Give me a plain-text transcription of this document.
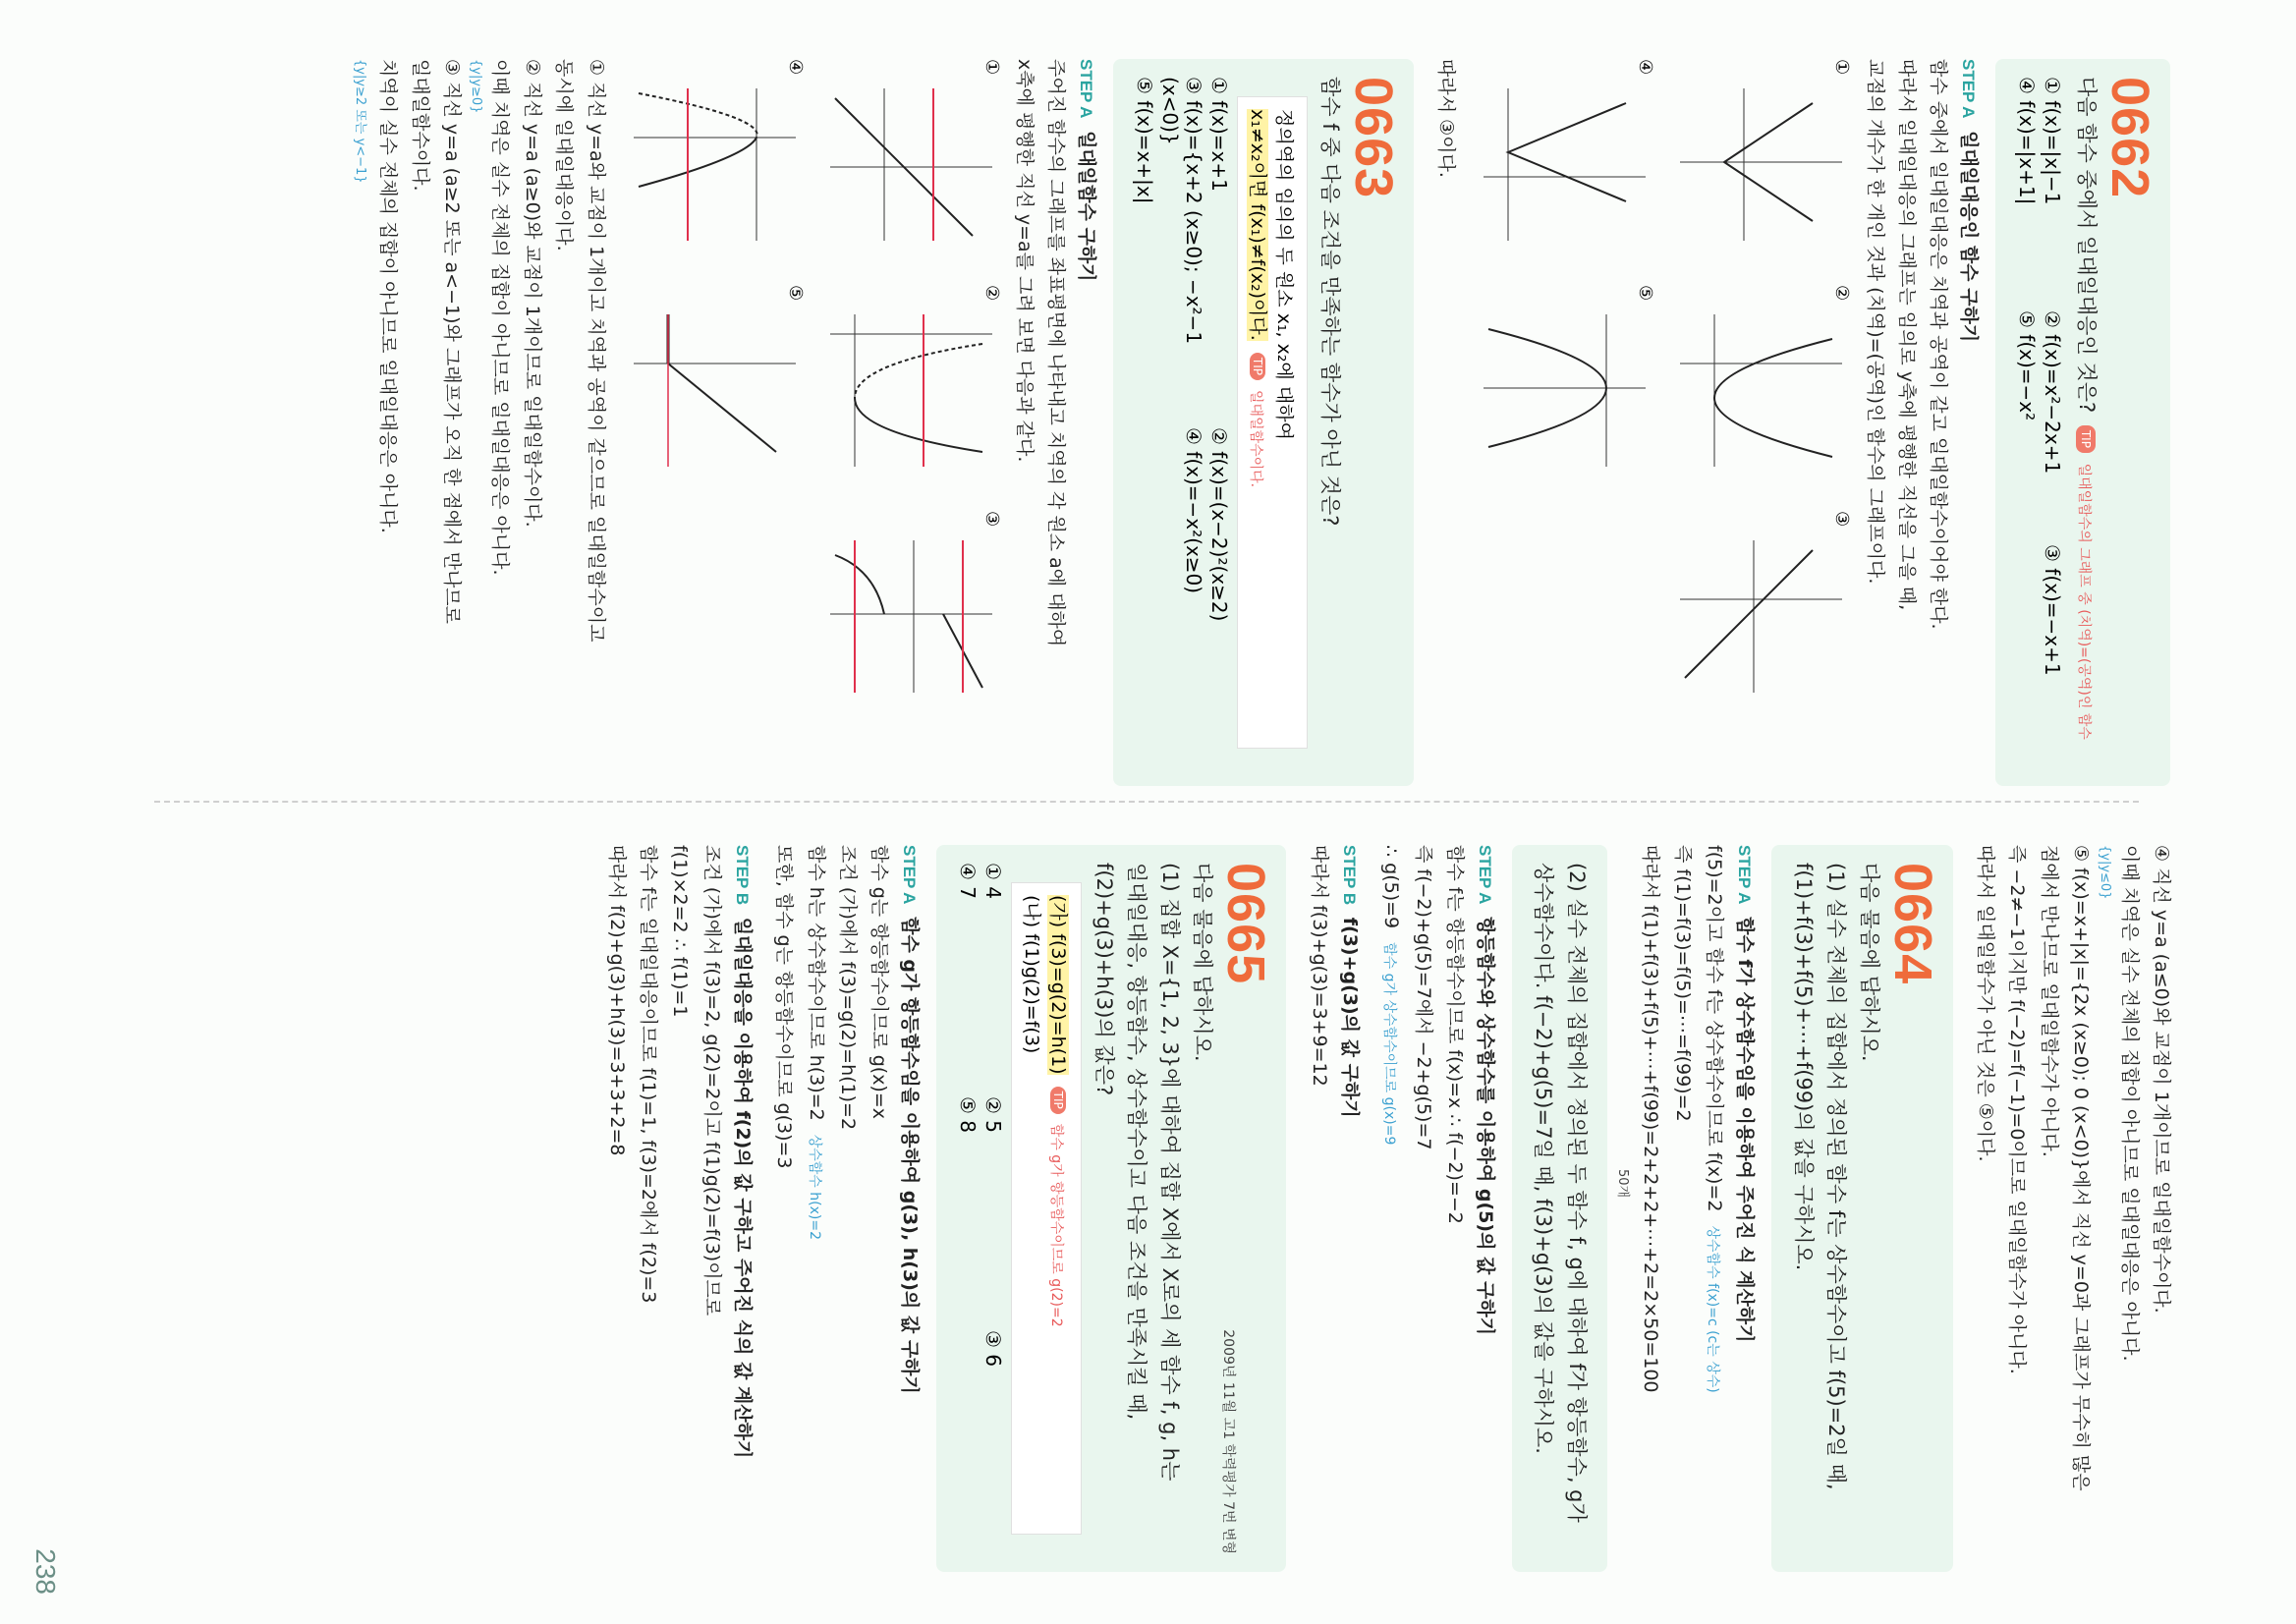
0662
다음 함수 중에서 일대일대응인 것은? TIP 일대일함수의 그래프 중 (치역)=(공역)인 함수
① f(x)=|x|−1
② f(x)=x²−2x+1
③ f(x)=−x+1
④ f(x)=|x+1|
⑤ f(x)=−x²
STEP A 일대일대응인 함수 구하기
함수 중에서 일대일대응은 치역과 공역이 같고 일대일함수이어야 한다.
따라서 일대일대응의 그래프는 임의로 y축에 평행한 직선을 그을 때,
교점의 개수가 한 개인 것과 (치역)=(공역)인 함수의 그래프이다.
①
②
③
④
⑤
따라서 ③이다.
0663
함수 f 중 다음 조건을 만족하는 함수가 아닌 것은?
정의역의 임의의 두 원소 x₁, x₂에 대하여
x₁≠x₂이면 f(x₁)≠f(x₂)이다. TIP 일대일함수이다.
① f(x)=x+1
② f(x)=(x−2)²(x≥2)
③ f(x)={x+2 (x≥0); −x²−1 (x<0)}
④ f(x)=−x²(x≥0)
⑤ f(x)=x+|x|
STEP A 일대일함수 구하기
주어진 함수의 그래프를 좌표평면에 나타내고 치역의 각 원소 a에 대하여
x축에 평행한 직선 y=a를 그려 보면 다음과 같다.
①
②
③
④
⑤
① 직선 y=a와 교점이 1개이고 치역과 공역이 같으므로 일대일함수이고
동시에 일대일대응이다.
② 직선 y=a (a≥0)와 교점이 1개이므로 일대일함수이다.
이때 치역은 실수 전체의 집합이 아니므로 일대일대응은 아니다.
{y|y≥0}
③ 직선 y=a (a≥2 또는 a<−1)와 그래프가 오직 한 점에서 만나므로
일대일함수이다.
치역이 실수 전체의 집합이 아니므로 일대일대응은 아니다.
{y|y≥2 또는 y<−1}
④ 직선 y=a (a≤0)와 교점이 1개이므로 일대일함수이다.
이때 치역은 실수 전체의 집합이 아니므로 일대일대응은 아니다.
{y|y≤0}
⑤ f(x)=x+|x|={2x (x≥0); 0 (x<0)}에서 직선 y=0과 그래프가 무수히 많은
점에서 만나므로 일대일함수가 아니다.
즉 −2≠−1이지만 f(−2)=f(−1)=0이므로 일대일함수가 아니다.
따라서 일대일함수가 아닌 것은 ⑤이다.
0664
다음 물음에 답하시오.
(1) 실수 전체의 집합에서 정의된 함수 f는 상수함수이고 f(5)=2일 때,
f(1)+f(3)+f(5)+⋯+f(99)의 값을 구하시오.
STEP A 함수 f가 상수함수임을 이용하여 주어진 식 계산하기
f(5)=2이고 함수 f는 상수함수이므로 f(x)=2 상수함수 f(x)=c (c는 상수)
즉 f(1)=f(3)=f(5)=⋯=f(99)=2
따라서 f(1)+f(3)+f(5)+⋯+f(99)=2+2+2+⋯+2=2×50=100
50개
(2) 실수 전체의 집합에서 정의된 두 함수 f, g에 대하여 f가 항등함수, g가
상수함수이다. f(−2)+g(5)=7일 때, f(3)+g(3)의 값을 구하시오.
STEP A 항등함수와 상수함수를 이용하여 g(5)의 값 구하기
함수 f는 항등함수이므로 f(x)=x ∴ f(−2)=−2
즉 f(−2)+g(5)=7에서 −2+g(5)=7
∴ g(5)=9 함수 g가 상수함수이므로 g(x)=9
STEP B f(3)+g(3)의 값 구하기
따라서 f(3)+g(3)=3+9=12
0665
2009년 11월 고1 학력평가 7번 변형
다음 물음에 답하시오.
(1) 집합 X={1, 2, 3}에 대하여 집합 X에서 X로의 세 함수 f, g, h는
일대일대응, 항등함수, 상수함수이고 다음 조건을 만족시킬 때,
f(2)+g(3)+h(3)의 값은?
(가) f(3)=g(2)=h(1) TIP 함수 g가 항등함수이므로 g(2)=2
(나) f(1)g(2)=f(3)
① 4
② 5
③ 6
④ 7
⑤ 8
STEP A 함수 g가 항등함수임을 이용하여 g(3), h(3)의 값 구하기
함수 g는 항등함수이므로 g(x)=x
조건 (가)에서 f(3)=g(2)=h(1)=2
함수 h는 상수함수이므로 h(3)=2 상수함수 h(x)=2
또한, 함수 g는 항등함수이므로 g(3)=3
STEP B 일대일대응을 이용하여 f(2)의 값 구하고 주어진 식의 값 계산하기
조건 (가)에서 f(3)=2, g(2)=2이고 f(1)g(2)=f(3)이므로
f(1)×2=2 ∴ f(1)=1
함수 f는 일대일대응이므로 f(1)=1, f(3)=2에서 f(2)=3
따라서 f(2)+g(3)+h(3)=3+3+2=8
238
